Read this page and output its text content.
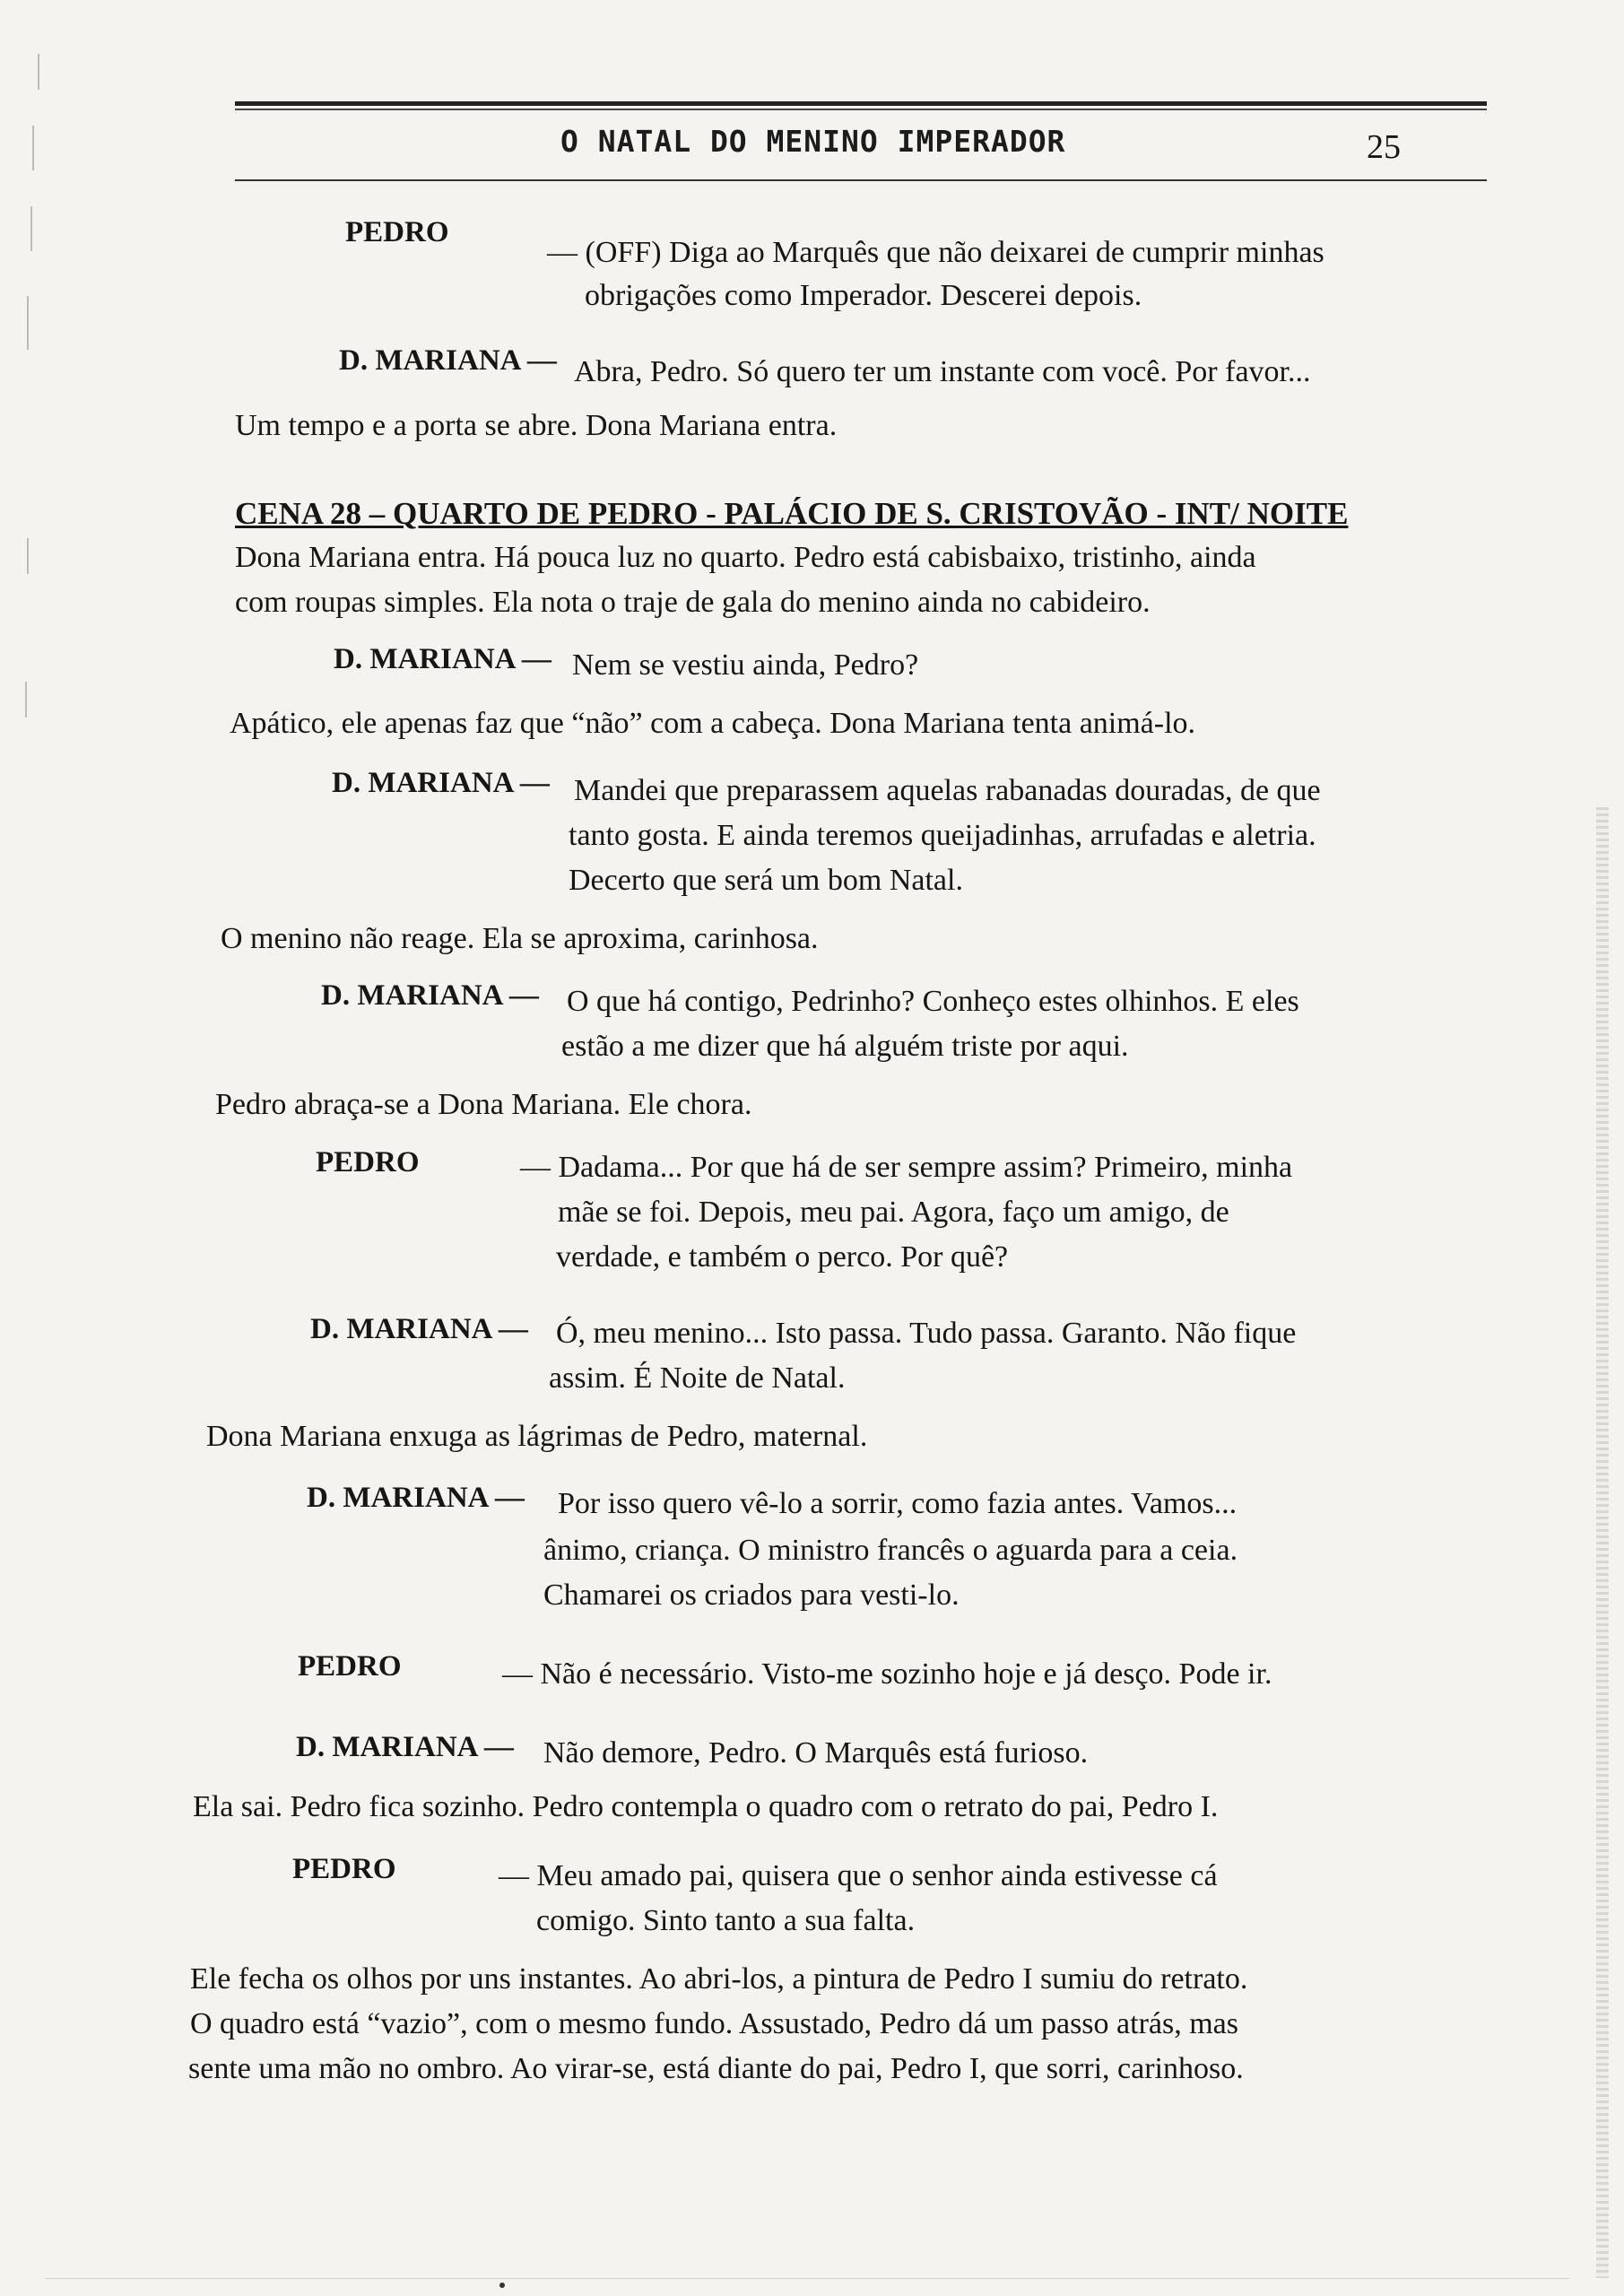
O NATAL DO MENINO IMPERADOR	25
PEDRO
— (OFF) Diga ao Marquês que não deixarei de cumprir minhas
obrigações como Imperador. Descerei depois.
D. MARIANA — Abra, Pedro. Só quero ter um instante com você. Por favor...
Um tempo e a porta se abre. Dona Mariana entra.
CENA 28 – QUARTO DE PEDRO - PALÁCIO DE S. CRISTOVÃO - INT/ NOITE
Dona Mariana entra. Há pouca luz no quarto. Pedro está cabisbaixo, tristinho, ainda
com roupas simples. Ela nota o traje de gala do menino ainda no cabideiro.
D. MARIANA — Nem se vestiu ainda, Pedro?
Apático, ele apenas faz que “não” com a cabeça. Dona Mariana tenta animá-lo.
D. MARIANA — Mandei que preparassem aquelas rabanadas douradas, de que
tanto gosta. E ainda teremos queijadinhas, arrufadas e aletria.
Decerto que será um bom Natal.
O menino não reage. Ela se aproxima, carinhosa.
D. MARIANA — O que há contigo, Pedrinho? Conheço estes olhinhos. E eles
estão a me dizer que há alguém triste por aqui.
Pedro abraça-se a Dona Mariana. Ele chora.
PEDRO	— Dadama... Por que há de ser sempre assim? Primeiro, minha
mãe se foi. Depois, meu pai. Agora, faço um amigo, de
verdade, e também o perco. Por quê?
D. MARIANA — Ó, meu menino... Isto passa. Tudo passa. Garanto. Não fique
assim. É Noite de Natal.
Dona Mariana enxuga as lágrimas de Pedro, maternal.
D. MARIANA — Por isso quero vê-lo a sorrir, como fazia antes. Vamos...
ânimo, criança. O ministro francês o aguarda para a ceia.
Chamarei os criados para vesti-lo.
PEDRO	— Não é necessário. Visto-me sozinho hoje e já desço. Pode ir.
D. MARIANA — Não demore, Pedro. O Marquês está furioso.
Ela sai. Pedro fica sozinho. Pedro contempla o quadro com o retrato do pai, Pedro I.
PEDRO	— Meu amado pai, quisera que o senhor ainda estivesse cá
comigo. Sinto tanto a sua falta.
Ele fecha os olhos por uns instantes. Ao abri-los, a pintura de Pedro I sumiu do retrato.
O quadro está “vazio”, com o mesmo fundo. Assustado, Pedro dá um passo atrás, mas
sente uma mão no ombro. Ao virar-se, está diante do pai, Pedro I, que sorri, carinhoso.
